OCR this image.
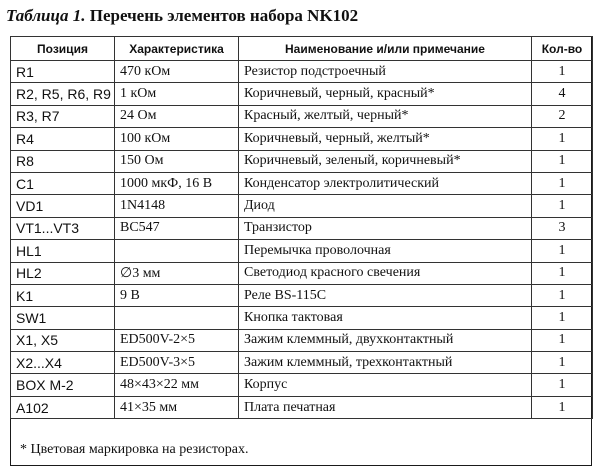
Таблица 1. Перечень элементов набора NK102
Позиция	Характеристика	Наименование и/или примечание	Кол-во
R1	470 кОм	Резистор подстроечный	1
R2, R5, R6, R9	1 кОм	Коричневый, черный, красный*	4
R3, R7	24 Ом	Красный, желтый, черный*	2
R4	100 кОм	Коричневый, черный, желтый*	1
R8	150 Ом	Коричневый, зеленый, коричневый*	1
C1	1000 мкФ, 16 В	Конденсатор электролитический	1
VD1	1N4148	Диод	1
VT1...VT3	BC547	Транзистор	3
HL1		Перемычка проволочная	1
HL2	∅3 мм	Светодиод красного свечения	1
K1	9 В	Реле BS-115C	1
SW1		Кнопка тактовая	1
X1, X5	ED500V-2×5	Зажим клеммный, двухконтактный	1
X2...X4	ED500V-3×5	Зажим клеммный, трехконтактный	1
BOX M-2	48×43×22 мм	Корпус	1
A102	41×35 мм	Плата печатная	1
* Цветовая маркировка на резисторах.
